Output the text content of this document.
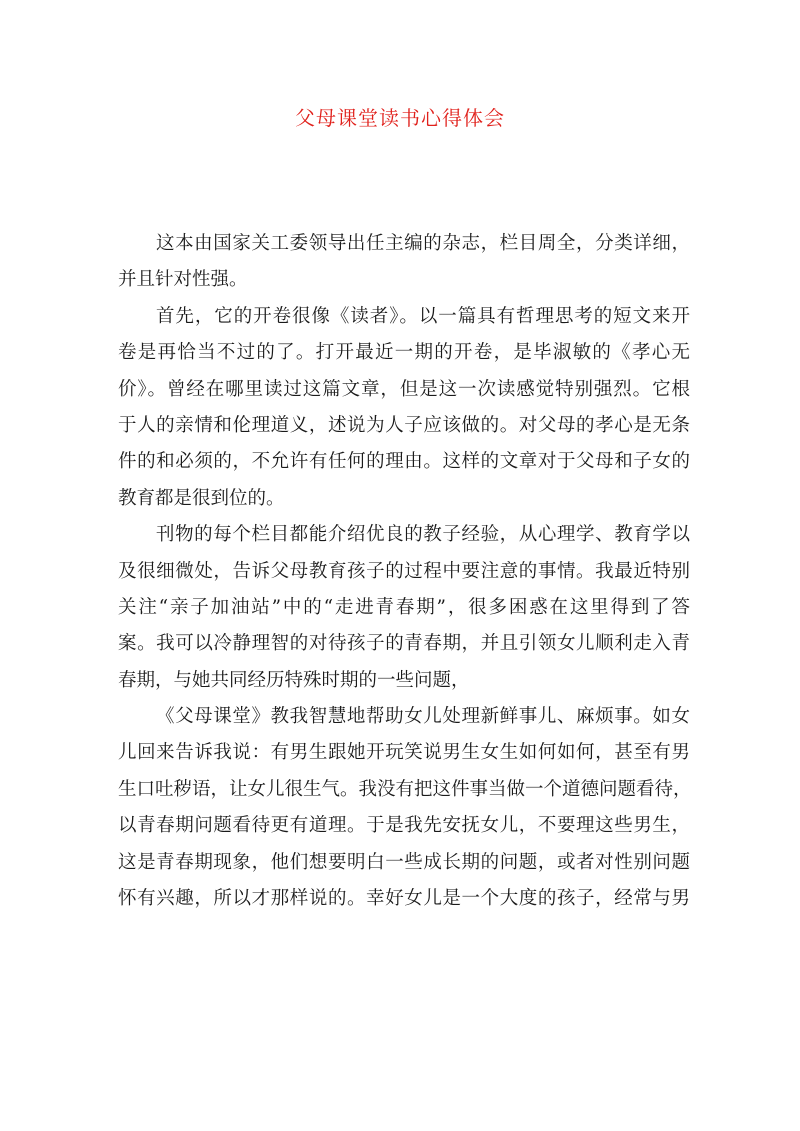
父母课堂读书心得体会
这本由国家关工委领导出任主编的杂志，栏目周全，分类详细，
并且针对性强。
首先，它的开卷很像《读者》。以一篇具有哲理思考的短文来开
卷是再恰当不过的了。打开最近一期的开卷，是毕淑敏的《孝心无
价》。曾经在哪里读过这篇文章，但是这一次读感觉特别强烈。它根
于人的亲情和伦理道义，述说为人子应该做的。对父母的孝心是无条
件的和必须的，不允许有任何的理由。这样的文章对于父母和子女的
教育都是很到位的。
刊物的每个栏目都能介绍优良的教子经验，从心理学、教育学以
及很细微处，告诉父母教育孩子的过程中要注意的事情。我最近特别
关注“亲子加油站”中的“走进青春期”，很多困惑在这里得到了答
案。我可以冷静理智的对待孩子的青春期，并且引领女儿顺利走入青
春期，与她共同经历特殊时期的一些问题，
《父母课堂》教我智慧地帮助女儿处理新鲜事儿、麻烦事。如女
儿回来告诉我说：有男生跟她开玩笑说男生女生如何如何，甚至有男
生口吐秽语，让女儿很生气。我没有把这件事当做一个道德问题看待，
以青春期问题看待更有道理。于是我先安抚女儿，不要理这些男生，
这是青春期现象，他们想要明白一些成长期的问题，或者对性别问题
怀有兴趣，所以才那样说的。幸好女儿是一个大度的孩子，经常与男
